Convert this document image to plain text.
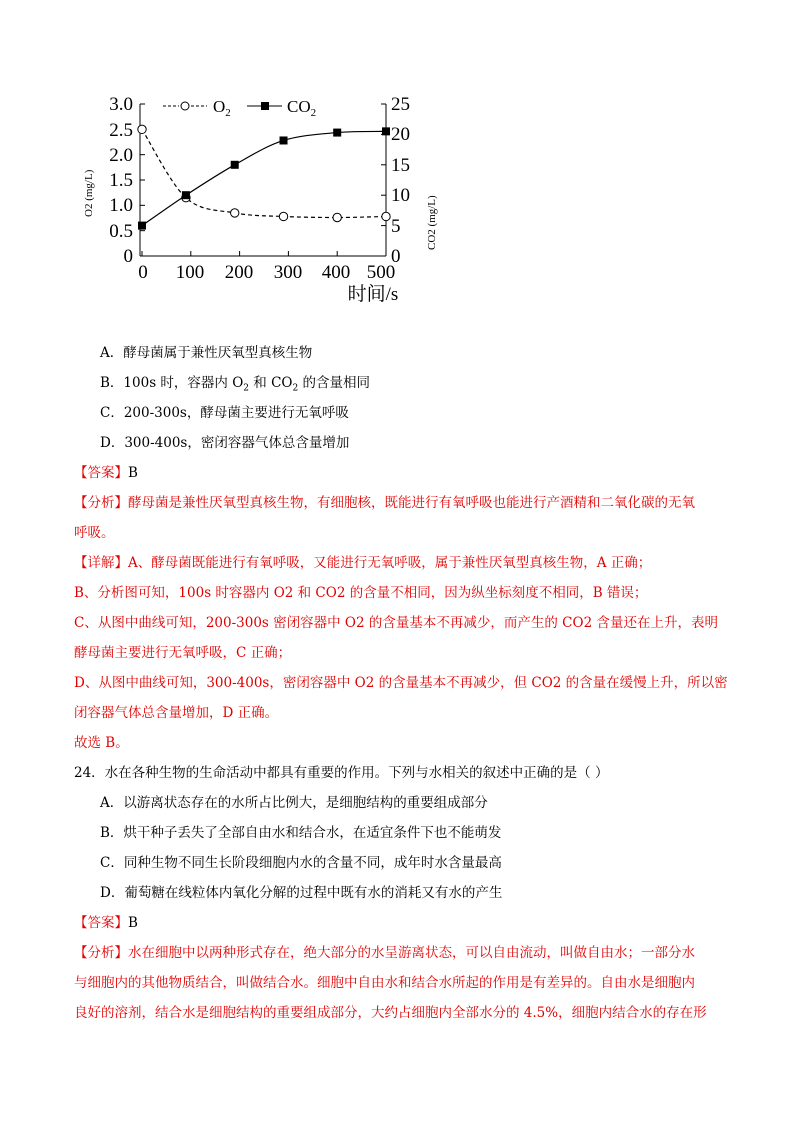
0
0.5
1.0
1.5
2.0
2.5
3.0
0
5
10
15
20
25
0 100 200 300 400 500
时间/s
O2 (mg/L)
CO2 (mg/L)
$O_2$	$CO_2$
A．酵母菌属于兼性厌氧型真核生物
B．100s 时，容器内 $O_2$ 和 $CO_2$ 的含量相同
C．200-300s，酵母菌主要进行无氧呼吸
D．300-400s，密闭容器气体总含量增加
【答案】B
【分析】酵母菌是兼性厌氧型真核生物，有细胞核，既能进行有氧呼吸也能进行产酒精和二氧化碳的无氧
呼吸。
【详解】A、酵母菌既能进行有氧呼吸，又能进行无氧呼吸，属于兼性厌氧型真核生物，A 正确；
B、分析图可知，100s 时容器内 O2 和 CO2 的含量不相同，因为纵坐标刻度不相同，B 错误；
C、从图中曲线可知，200-300s 密闭容器中 O2 的含量基本不再减少，而产生的 CO2 含量还在上升，表明
酵母菌主要进行无氧呼吸，C 正确；
D、从图中曲线可知，300-400s，密闭容器中 O2 的含量基本不再减少，但 CO2 的含量在缓慢上升，所以密
闭容器气体总含量增加，D 正确。
故选 B。
24．水在各种生物的生命活动中都具有重要的作用。下列与水相关的叙述中正确的是（ ）
A．以游离状态存在的水所占比例大，是细胞结构的重要组成部分
B．烘干种子丢失了全部自由水和结合水，在适宜条件下也不能萌发
C．同种生物不同生长阶段细胞内水的含量不同，成年时水含量最高
D．葡萄糖在线粒体内氧化分解的过程中既有水的消耗又有水的产生
【答案】B
【分析】水在细胞中以两种形式存在，绝大部分的水呈游离状态，可以自由流动，叫做自由水；一部分水
与细胞内的其他物质结合，叫做结合水。细胞中自由水和结合水所起的作用是有差异的。自由水是细胞内
良好的溶剂，结合水是细胞结构的重要组成部分，大约占细胞内全部水分的 4.5%，细胞内结合水的存在形
